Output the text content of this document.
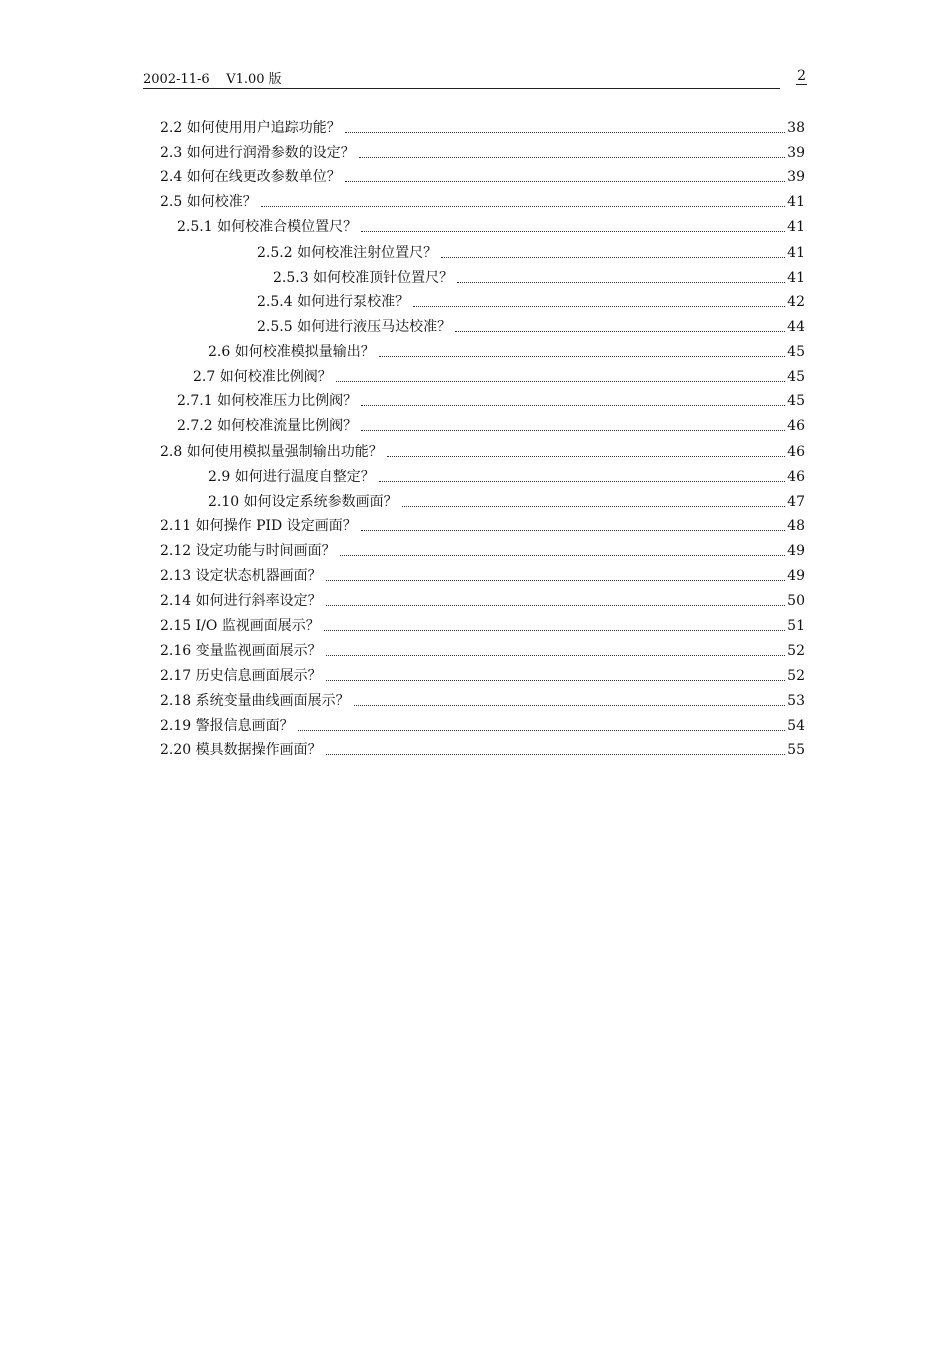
2002-11-6    V1.00 版	2
2.2 如何使用用户追踪功能？	38
2.3 如何进行润滑参数的设定？	39
2.4 如何在线更改参数单位？	39
2.5 如何校准？	41
2.5.1 如何校准合模位置尺？	41
2.5.2 如何校准注射位置尺？	41
2.5.3 如何校准顶针位置尺？	41
2.5.4 如何进行泵校准？	42
2.5.5 如何进行液压马达校准？	44
2.6 如何校准模拟量输出？	45
2.7 如何校准比例阀？	45
2.7.1 如何校准压力比例阀？	45
2.7.2 如何校准流量比例阀？	46
2.8 如何使用模拟量强制输出功能？	46
2.9 如何进行温度自整定？	46
2.10 如何设定系统参数画面？	47
2.11 如何操作 PID 设定画面？	48
2.12 设定功能与时间画面？	49
2.13 设定状态机器画面？	49
2.14 如何进行斜率设定？	50
2.15 I/O 监视画面展示？	51
2.16 变量监视画面展示？	52
2.17 历史信息画面展示？	52
2.18 系统变量曲线画面展示？	53
2.19 警报信息画面？	54
2.20 模具数据操作画面？	55
